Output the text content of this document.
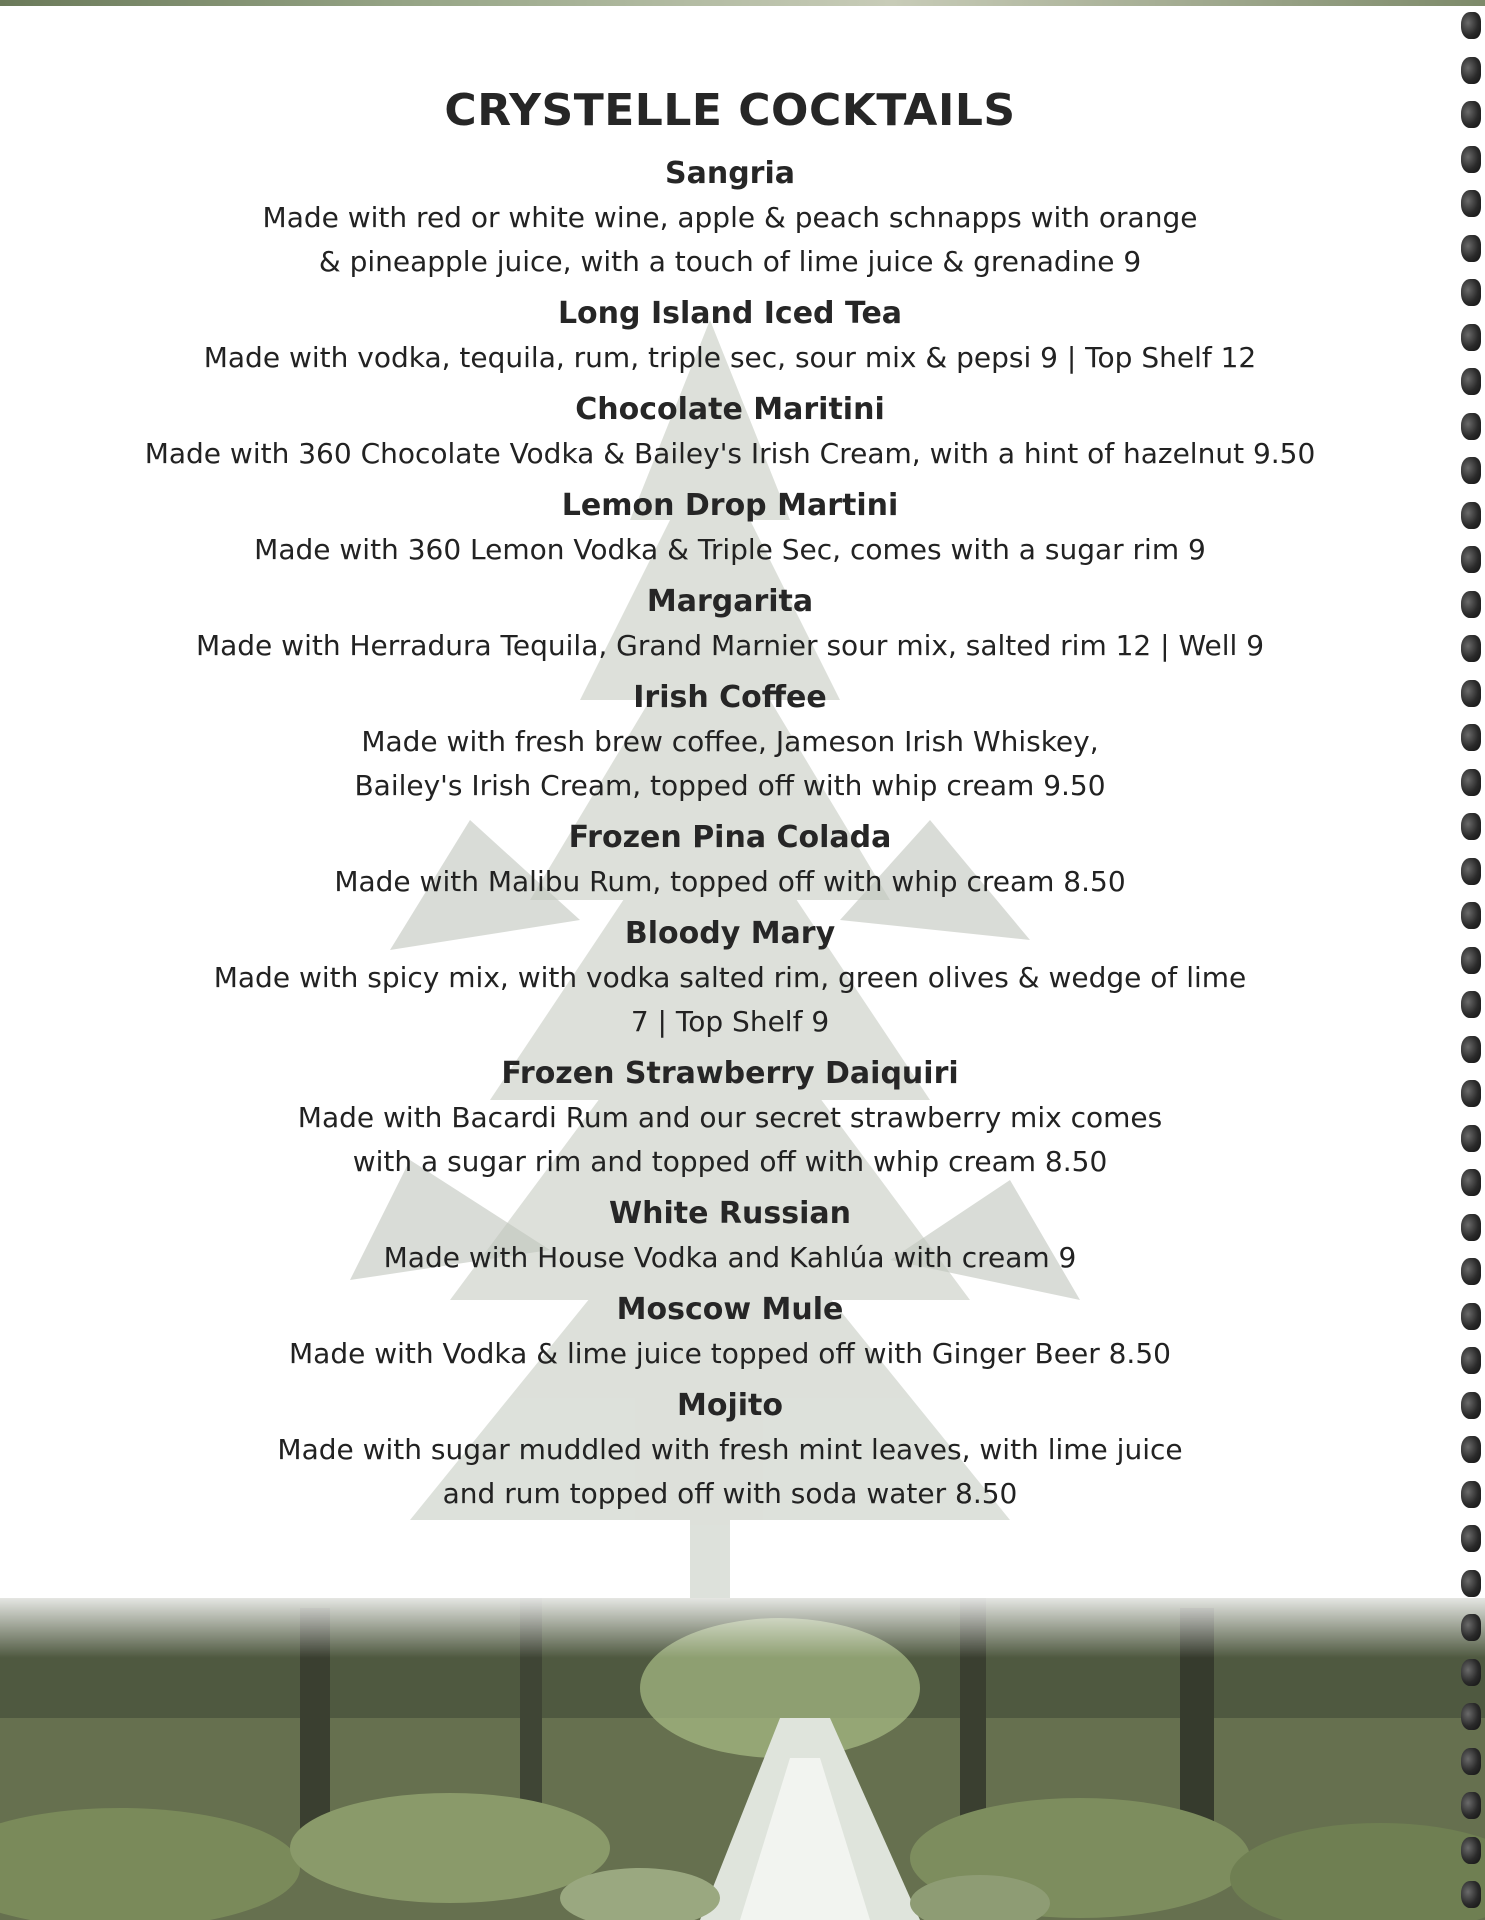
CRYSTELLE COCKTAILS
Sangria
Made with red or white wine, apple & peach schnapps with orange
& pineapple juice, with a touch of lime juice & grenadine 9
Long Island Iced Tea
Made with vodka, tequila, rum, triple sec, sour mix & pepsi 9 | Top Shelf 12
Chocolate Maritini
Made with 360 Chocolate Vodka & Bailey's Irish Cream, with a hint of hazelnut 9.50
Lemon Drop Martini
Made with 360 Lemon Vodka & Triple Sec, comes with a sugar rim 9
Margarita
Made with Herradura Tequila, Grand Marnier sour mix, salted rim 12 | Well 9
Irish Coffee
Made with fresh brew coffee, Jameson Irish Whiskey,
Bailey's Irish Cream, topped off with whip cream 9.50
Frozen Pina Colada
Made with Malibu Rum, topped off with whip cream 8.50
Bloody Mary
Made with spicy mix, with vodka salted rim, green olives & wedge of lime
7 | Top Shelf 9
Frozen Strawberry Daiquiri
Made with Bacardi Rum and our secret strawberry mix comes
with a sugar rim and topped off with whip cream 8.50
White Russian
Made with House Vodka and Kahlúa with cream 9
Moscow Mule
Made with Vodka & lime juice topped off with Ginger Beer 8.50
Mojito
Made with sugar muddled with fresh mint leaves, with lime juice
and rum topped off with soda water 8.50
